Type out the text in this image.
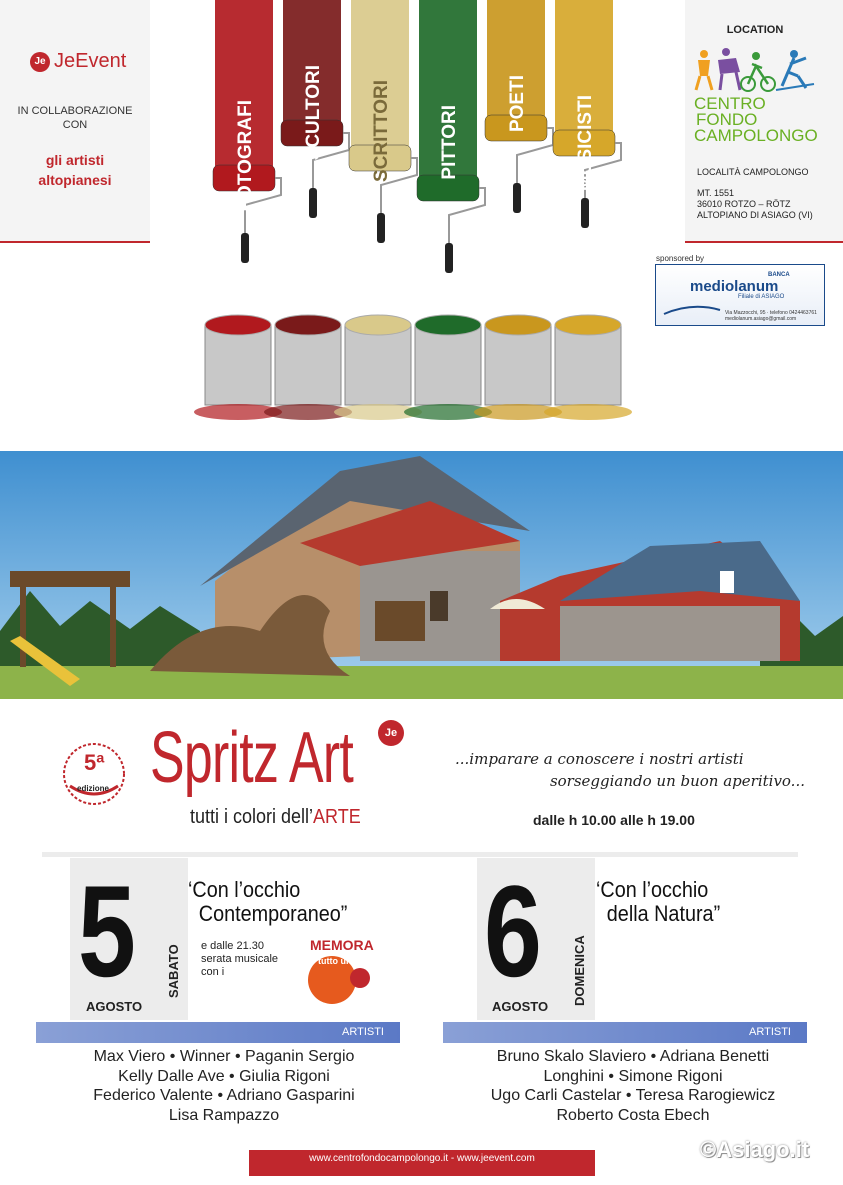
Je JeEvent
IN COLLABORAZIONE
CON
gli artisti
altopianesi	FOTOGRAFI SCULTORI SCRITTORI PITTORI
POETI MUSICISTI
LOCATION
CENTRO
FONDO
CAMPOLONGO
LOCALITÀ CAMPOLONGO
MT. 1551
36010 ROTZO – RÖTZ
ALTOPIANO DI ASIAGO (VI)
sponsored by
BANCA
mediolanum
Filiale di ASIAGO
Via Mazzocchi, 95 · telefono 0424463761
mediolanum.asiago@gmail.com
5ª
edizione Spritz Art	Je
tutti i colori dell’ARTE
...imparare a conoscere i nostri artisti
sorseggiando un buon aperitivo...
dalle h 10.00 alle h 19.00
5 SABATO
AGOSTO
‘Con l’occhio
Contemporaneo”
e dalle 21.30
serata musicale
con i
MEMORA
tutto un po
ARTISTI
Max Viero • Winner • Paganin Sergio
Kelly Dalle Ave • Giulia Rigoni
Federico Valente • Adriano Gasparini
Lisa Rampazzo
6 DOMENICA
AGOSTO
‘Con l’occhio
della Natura”
ARTISTI
Bruno Skalo Slaviero • Adriana Benetti
Longhini • Simone Rigoni
Ugo Carli Castelar • Teresa Rarogiewicz
Roberto Costa Ebech
www.centrofondocampolongo.it - www.jeevent.com	©Asiago.it
